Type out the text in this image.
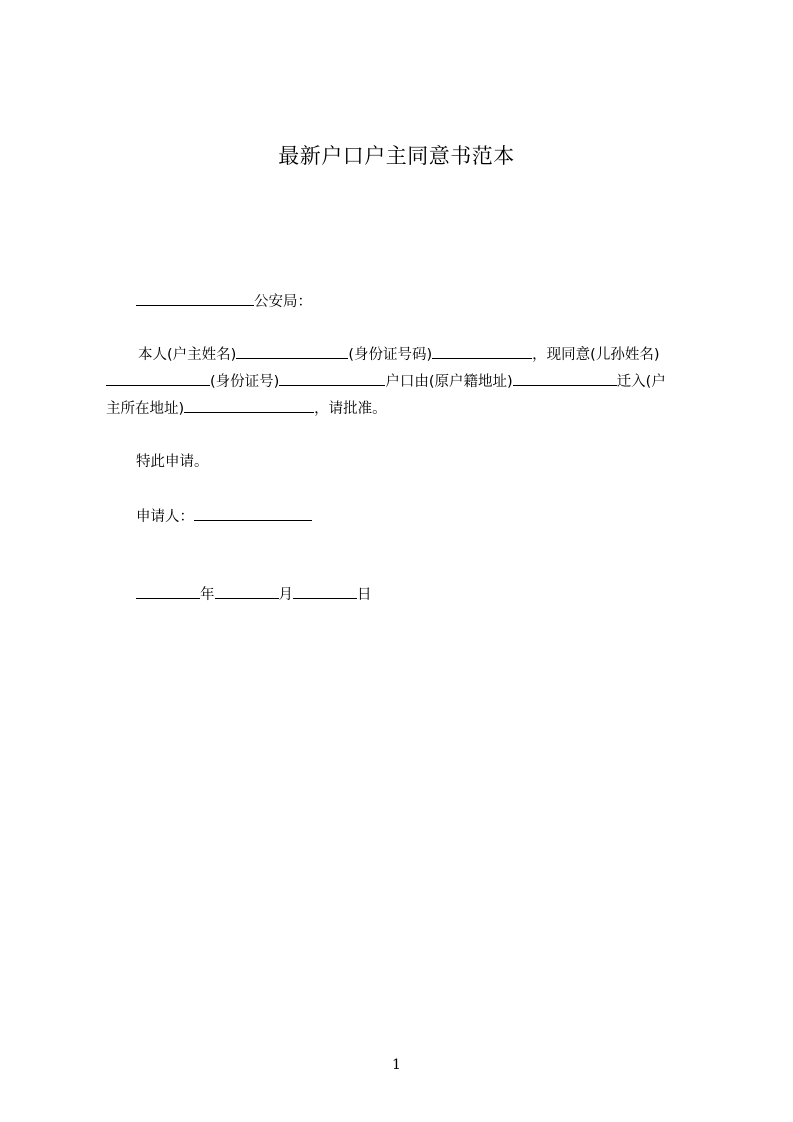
最新户口户主同意书范本
公安局：
本人(户主姓名)	(身份证号码)	，现同意(儿孙姓名)
(身份证号)	户口由(原户籍地址)	迁入(户
主所在地址)	，请批准。
特此申请。
申请人：
年	月	日
1
